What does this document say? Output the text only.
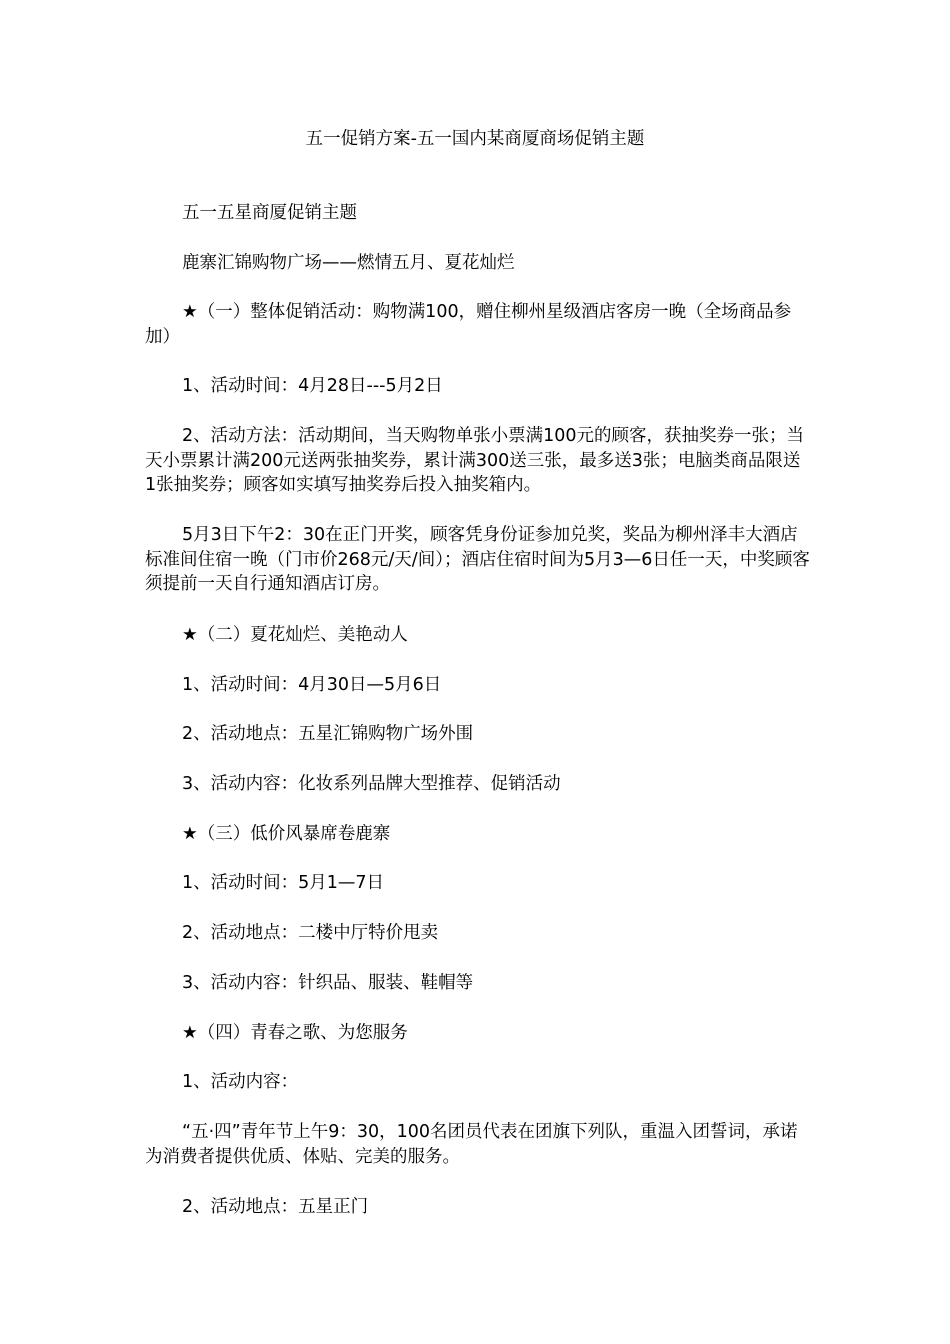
五一促销方案-五一国内某商厦商场促销主题

五一五星商厦促销主题

鹿寨汇锦购物广场——燃情五月、夏花灿烂

★（一）整体促销活动：购物满100，赠住柳州星级酒店客房一晚（全场商品参加）

1、活动时间：4月28日---5月2日

2、活动方法：活动期间，当天购物单张小票满100元的顾客，获抽奖券一张；当天小票累计满200元送两张抽奖券，累计满300送三张，最多送3张；电脑类商品限送1张抽奖券；顾客如实填写抽奖券后投入抽奖箱内。

5月3日下午2：30在正门开奖，顾客凭身份证参加兑奖，奖品为柳州泽丰大酒店标准间住宿一晚（门市价268元/天/间）；酒店住宿时间为5月3—6日任一天，中奖顾客须提前一天自行通知酒店订房。

★（二）夏花灿烂、美艳动人

1、活动时间：4月30日—5月6日

2、活动地点：五星汇锦购物广场外围

3、活动内容：化妆系列品牌大型推荐、促销活动

★（三）低价风暴席卷鹿寨

1、活动时间：5月1—7日

2、活动地点：二楼中厅特价甩卖

3、活动内容：针织品、服装、鞋帽等

★（四）青春之歌、为您服务

1、活动内容：

“五·四”青年节上午9：30，100名团员代表在团旗下列队，重温入团誓词，承诺为消费者提供优质、体贴、完美的服务。

2、活动地点：五星正门
